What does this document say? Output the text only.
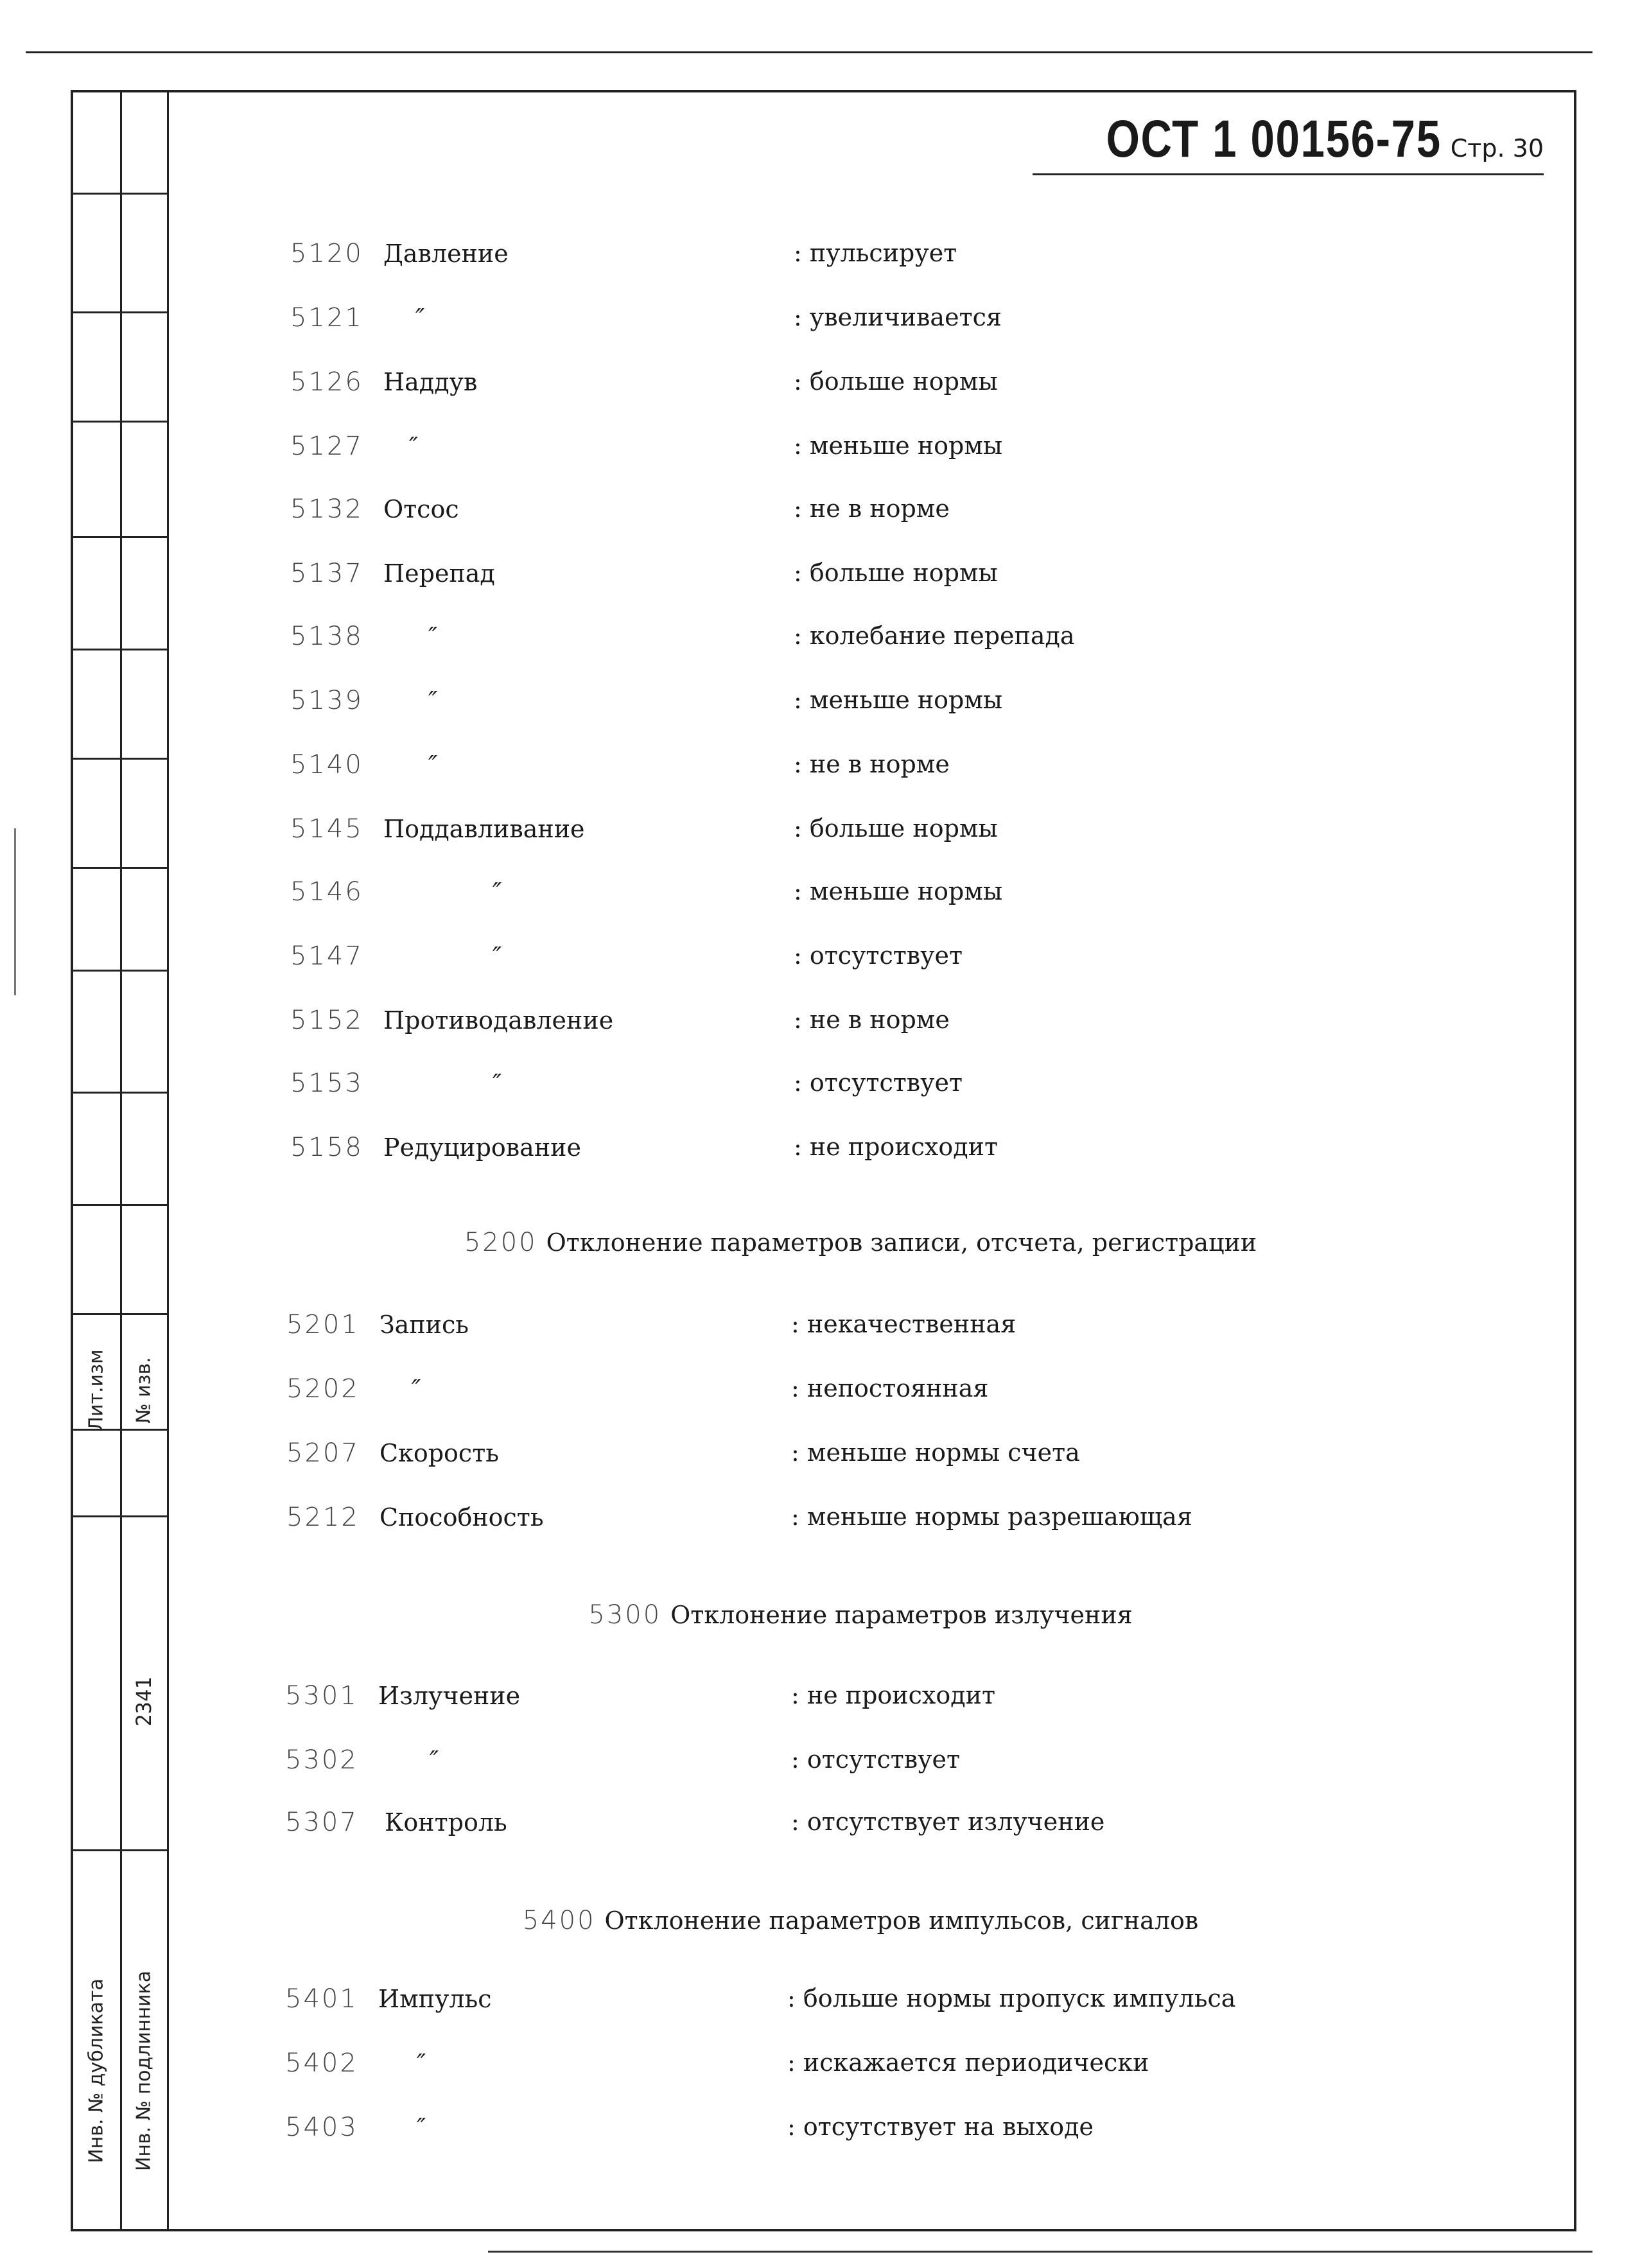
Лит.изм № изв.
2341
Инв. № дубликата Инв. № подлинника
ОСТ 1 00156-75 Стр. 30
5120 Давление	: пульсирует
5121	″	: увеличивается
5126 Наддув	: больше нормы
5127	″	: меньше нормы
5132 Отсос	: не в норме
5137 Перепад	: больше нормы
5138	″	: колебание перепада
5139	″	: меньше нормы
5140	″	: не в норме
5145 Поддавливание	: больше нормы
5146	″	: меньше нормы
5147	″	: отсутствует
5152 Противодавление	: не в норме
5153	″	: отсутствует
5158 Редуцирование	: не происходит
5200 Отклонение параметров записи, отсчета, регистрации
5201 Запись	: некачественная
5202	″	: непостоянная
5207 Скорость	: меньше нормы счета
5212 Способность	: меньше нормы разрешающая
5300 Отклонение параметров излучения
5301 Излучение	: не происходит
5302	″	: отсутствует
5307	Контроль	: отсутствует излучение
5400 Отклонение параметров импульсов, сигналов
5401 Импульс	: больше нормы пропуск импульса
5402	″	: искажается периодически
5403	″	: отсутствует на выходе
